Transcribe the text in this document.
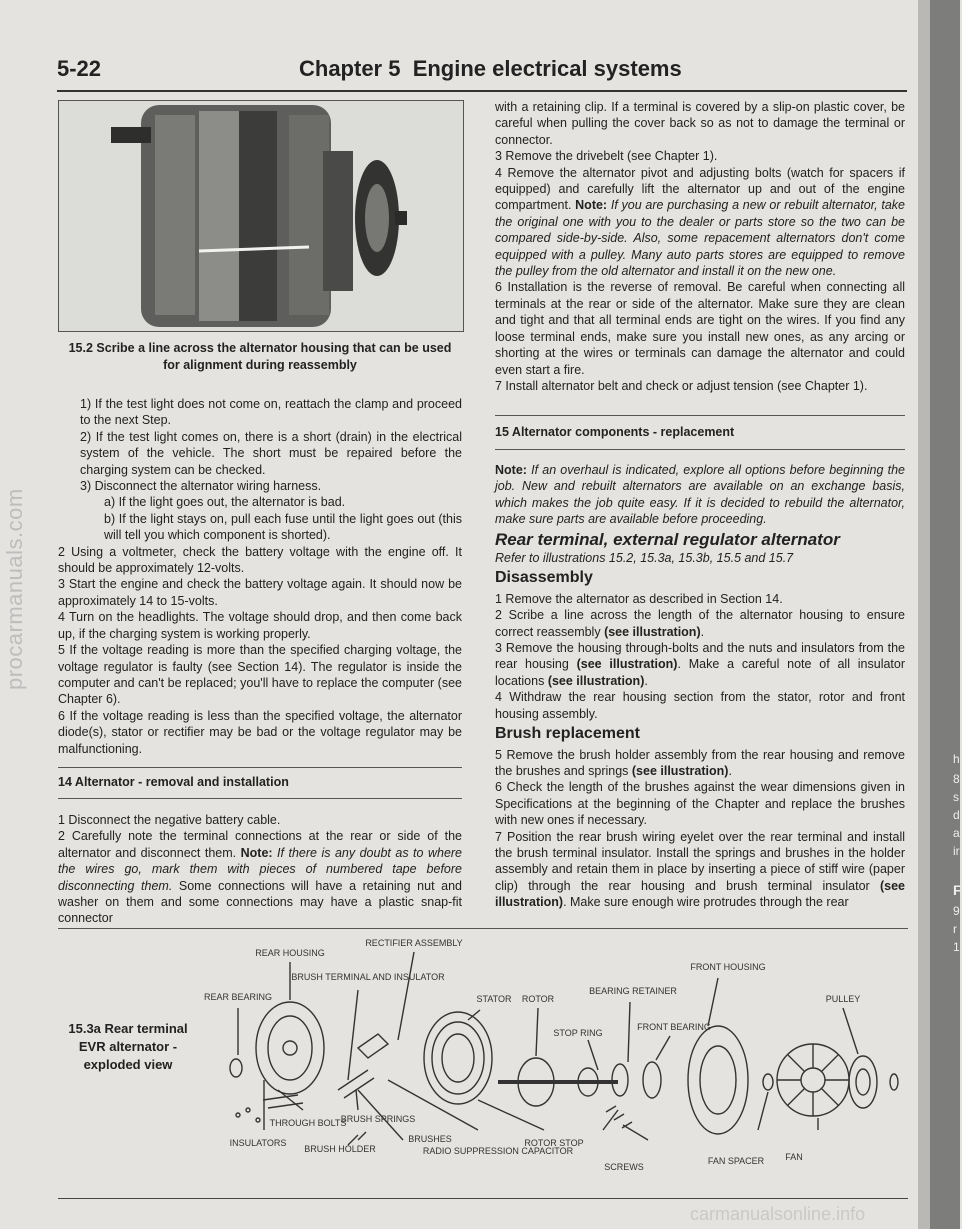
h
8
s
d
a
ir
F
9
r
1
procarmanuals.com
carmanualsonline.info
5-22	Chapter 5  Engine electrical systems
15.2 Scribe a line across the alternator housing that can be used
for alignment during reassembly

1) If the test light does not come on, reattach the clamp and proceed to the next Step.

2) If the test light comes on, there is a short (drain) in the electrical system of the vehicle. The short must be repaired before the charging system can be checked.

3) Disconnect the alternator wiring harness.

a) If the light goes out, the alternator is bad.

b) If the light stays on, pull each fuse until the light goes out (this will tell you which component is shorted).

2 Using a voltmeter, check the battery voltage with the engine off. It should be approximately 12-volts.

3 Start the engine and check the battery voltage again. It should now be approximately 14 to 15-volts.

4 Turn on the headlights. The voltage should drop, and then come back up, if the charging system is working properly.

5 If the voltage reading is more than the specified charging voltage, the voltage regulator is faulty (see Section 14). The regulator is inside the computer and can't be replaced; you'll have to replace the computer (see Chapter 6).

6 If the voltage reading is less than the specified voltage, the alternator diode(s), stator or rectifier may be bad or the voltage regulator may be malfunctioning.

14 Alternator - removal and installation

1 Disconnect the negative battery cable.

2 Carefully note the terminal connections at the rear or side of the alternator and disconnect them. Note: If there is any doubt as to where the wires go, mark them with pieces of numbered tape before disconnecting them. Some connections will have a retaining nut and washer on them and some connections may have a plastic snap-fit connector

with a retaining clip. If a terminal is covered by a slip-on plastic cover, be careful when pulling the cover back so as not to damage the terminal or connector.

3 Remove the drivebelt (see Chapter 1).

4 Remove the alternator pivot and adjusting bolts (watch for spacers if equipped) and carefully lift the alternator up and out of the engine compartment. Note: If you are purchasing a new or rebuilt alternator, take the original one with you to the dealer or parts store so the two can be compared side-by-side. Also, some repacement alternators don't come equipped with a pulley. Many auto parts stores are equipped to remove the pulley from the old alternator and install it on the new one.

6 Installation is the reverse of removal. Be careful when connecting all terminals at the rear or side of the alternator. Make sure they are clean and tight and that all terminal ends are tight on the wires. If you find any loose terminal ends, make sure you install new ones, as any arcing or shorting at the wires or terminals can damage the alternator and could even start a fire.

7 Install alternator belt and check or adjust tension (see Chapter 1).

15 Alternator components - replacement

Note: If an overhaul is indicated, explore all options before beginning the job. New and rebuilt alternators are available on an exchange basis, which makes the job quite easy. If it is decided to rebuild the alternator, make sure parts are available before proceeding.

Rear terminal, external regulator alternator

Refer to illustrations 15.2, 15.3a, 15.3b, 15.5 and 15.7

Disassembly

1 Remove the alternator as described in Section 14.

2 Scribe a line across the length of the alternator housing to ensure correct reassembly (see illustration).

3 Remove the housing through-bolts and the nuts and insulators from the rear housing (see illustration). Make a careful note of all insulator locations (see illustration).

4 Withdraw the rear housing section from the stator, rotor and front housing assembly.

Brush replacement

5 Remove the brush holder assembly from the rear housing and remove the brushes and springs (see illustration).

6 Check the length of the brushes against the wear dimensions given in Specifications at the beginning of the Chapter and replace the brushes with new ones if necessary.

7 Position the rear brush wiring eyelet over the rear terminal and install the brush terminal insulator. Install the springs and brushes in the holder assembly and retain them in place by inserting a piece of stiff wire (paper clip) through the rear housing and brush terminal insulator (see illustration). Make sure enough wire protrudes through the rear

15.3a Rear terminal EVR alternator - exploded view
REAR HOUSING
RECTIFIER ASSEMBLY
BRUSH TERMINAL AND INSULATOR
REAR BEARING	STATOR ROTOR
BEARING RETAINER
FRONT HOUSING
STOP RING
FRONT BEARING
PULLEY
THROUGH BOLTS
BRUSH SPRINGS
BRUSHES
INSULATORS
BRUSH HOLDER	RADIO SUPPRESSION CAPACITOR
ROTOR STOP
SCREWS
FAN SPACER FAN
